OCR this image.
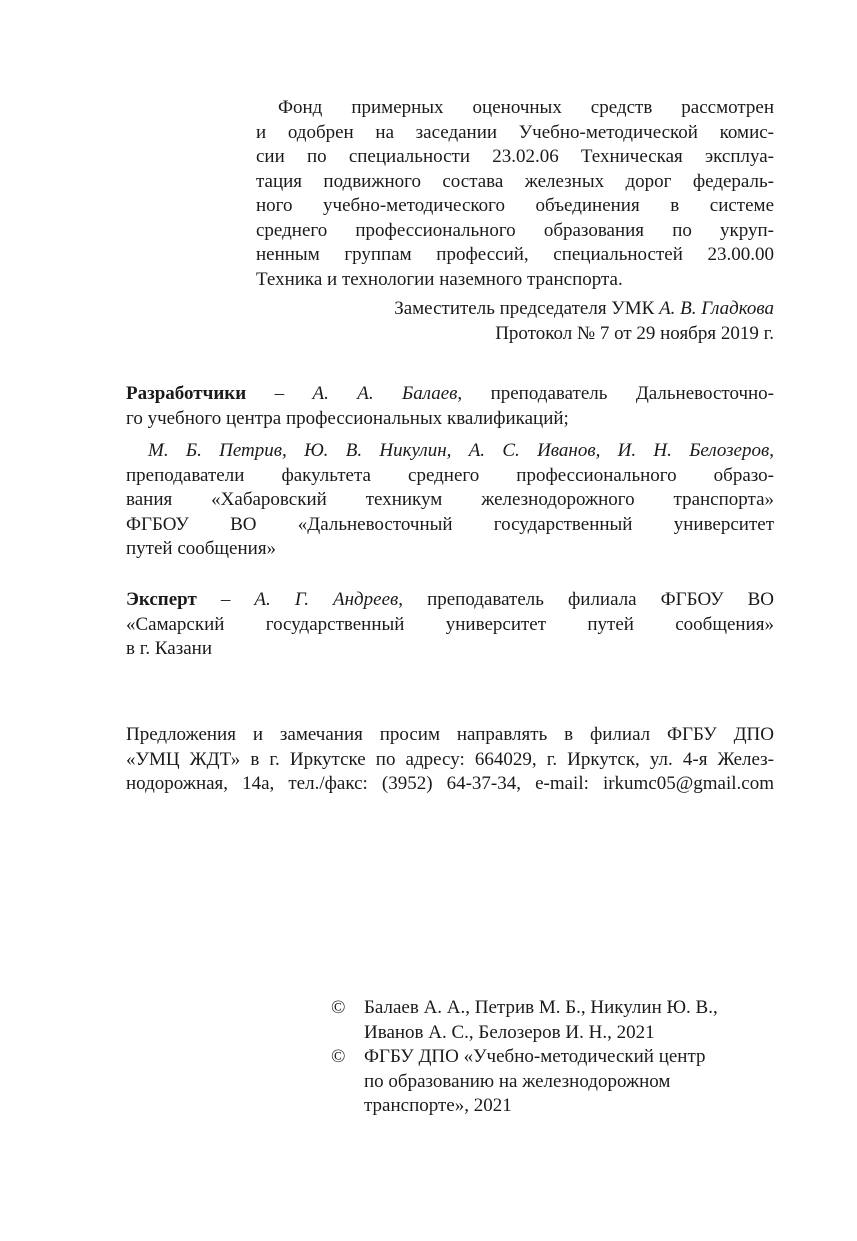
Фонд примерных оценочных средств рассмотрен
и одобрен на заседании Учебно-методической комис-
сии по специальности 23.02.06 Техническая эксплуа-
тация подвижного состава железных дорог федераль-
ного учебно-методического объединения в системе
среднего профессионального образования по укруп-
ненным группам профессий, специальностей 23.00.00
Техника и технологии наземного транспорта.
Заместитель председателя УМК А. В. Гладкова
Протокол № 7 от 29 ноября 2019 г.
Разработчики – А. А. Балаев, преподаватель Дальневосточно-
го учебного центра профессиональных квалификаций;
М. Б. Петрив, Ю. В. Никулин, А. С. Иванов, И. Н. Белозеров,
преподаватели факультета среднего профессионального образо-
вания «Хабаровский техникум железнодорожного транспорта»
ФГБОУ ВО «Дальневосточный государственный университет
путей сообщения»
Эксперт – А. Г. Андреев, преподаватель филиала ФГБОУ ВО
«Самарский государственный университет путей сообщения»
в г. Казани
Предложения и замечания просим направлять в филиал ФГБУ ДПО
«УМЦ ЖДТ» в г. Иркутске по адресу: 664029, г. Иркутск, ул. 4-я Желез-
нодорожная, 14а, тел./факс: (3952) 64-37-34, e-mail: irkumc05@gmail.com
© Балаев А. А., Петрив М. Б., Никулин Ю. В.,
Иванов А. С., Белозеров И. Н., 2021
© ФГБУ ДПО «Учебно-методический центр
по образованию на железнодорожном
транспорте», 2021
